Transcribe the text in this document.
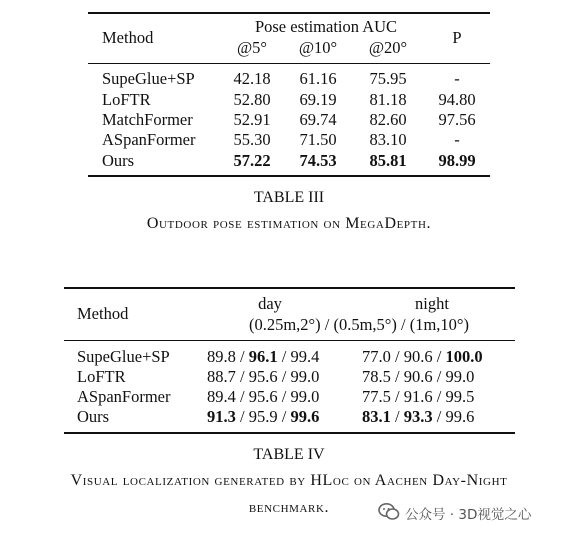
Method
Pose estimation AUC
@5°	@10°	@20°
P
SupeGlue+SP	42.18	61.16	75.95	-
LoFTR	52.80	69.19	81.18	94.80
MatchFormer	52.91	69.74	82.60	97.56
ASpanFormer	55.30	71.50	83.10	-
Ours	57.22	74.53	85.81	98.99
TABLE III
Outdoor pose estimation on MegaDepth.
Method
day	night
(0.25m,2°) / (0.5m,5°) / (1m,10°)
SupeGlue+SP 89.8 / 96.1 / 99.4	77.0 / 90.6 / 100.0
LoFTR	88.7 / 95.6 / 99.0	78.5 / 90.6 / 99.0
ASpanFormer 89.4 / 95.6 / 99.0	77.5 / 91.6 / 99.5
Ours	91.3 / 95.9 / 99.6	83.1 / 93.3 / 99.6
TABLE IV
Visual localization generated by HLoc on Aachen Day-Night
benchmark.	公众号 · 3D视觉之心
